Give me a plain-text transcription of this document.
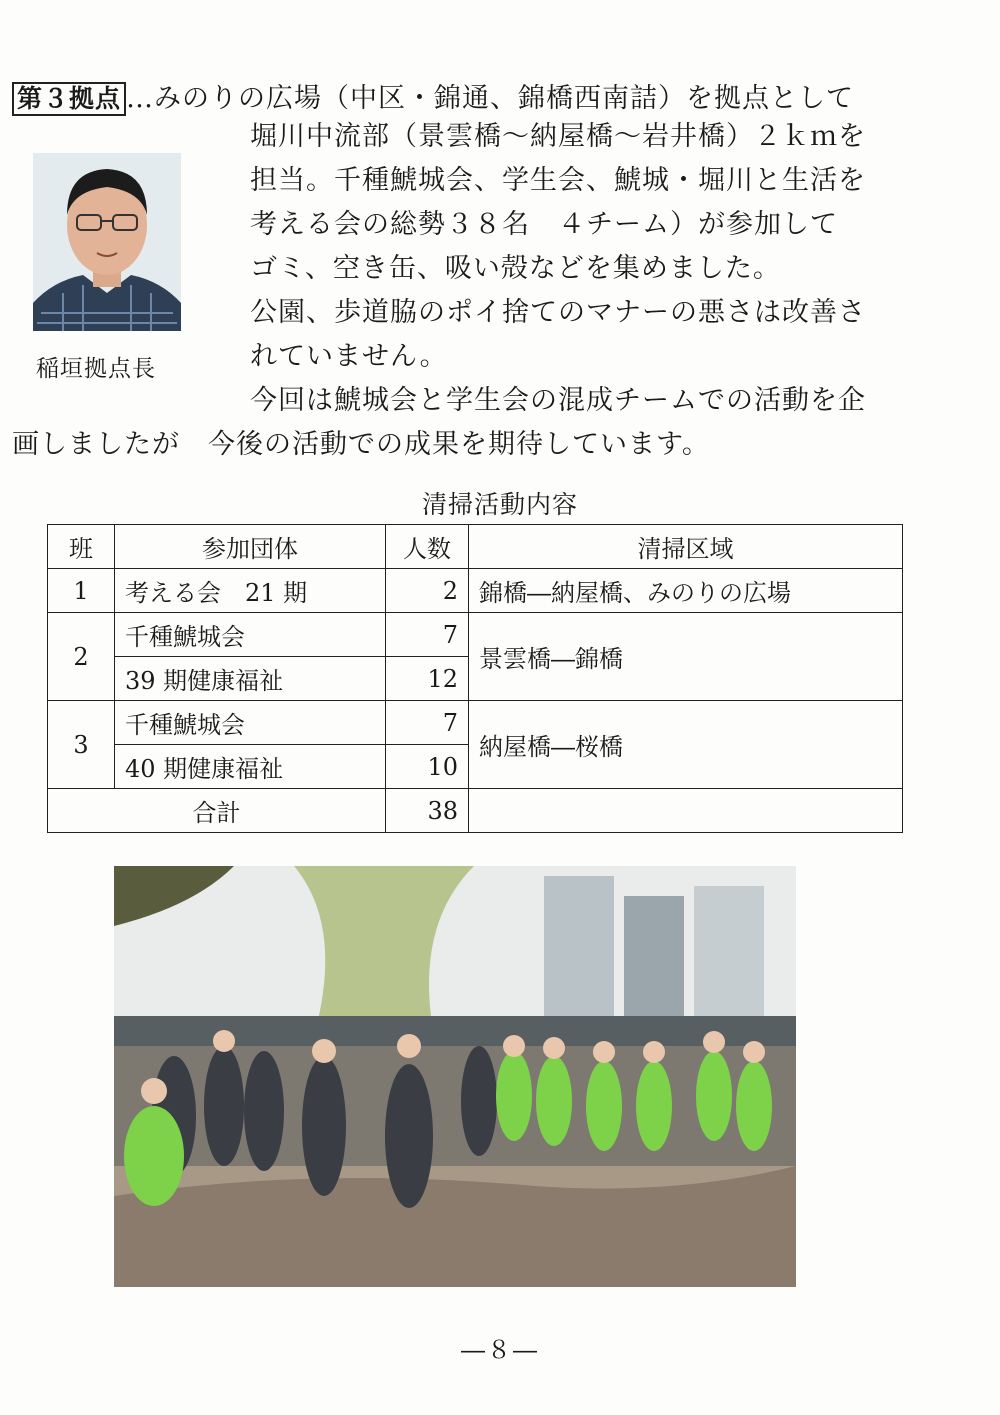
第３拠点 …みのりの広場（中区・錦通、錦橋西南詰）を拠点として
堀川中流部（景雲橋～納屋橋～岩井橋）２ｋｍを
担当。千種鯱城会、学生会、鯱城・堀川と生活を
考える会の総勢３８名　４チーム）が参加して
ゴミ、空き缶、吸い殻などを集めました。
公園、歩道脇のポイ捨てのマナーの悪さは改善さ
れていません。
今回は鯱城会と学生会の混成チームでの活動を企
画しましたが　今後の活動での成果を期待しています。
稲垣拠点長
清掃活動内容
班	参加団体	人数	清掃区域
1	考える会　21 期	2	錦橋―納屋橋、みのりの広場
2	千種鯱城会	7	景雲橋―錦橋
	39 期健康福祉	12	
3	千種鯱城会	7	納屋橋―桜橋
	40 期健康福祉	10	
合計		38	
―８―
